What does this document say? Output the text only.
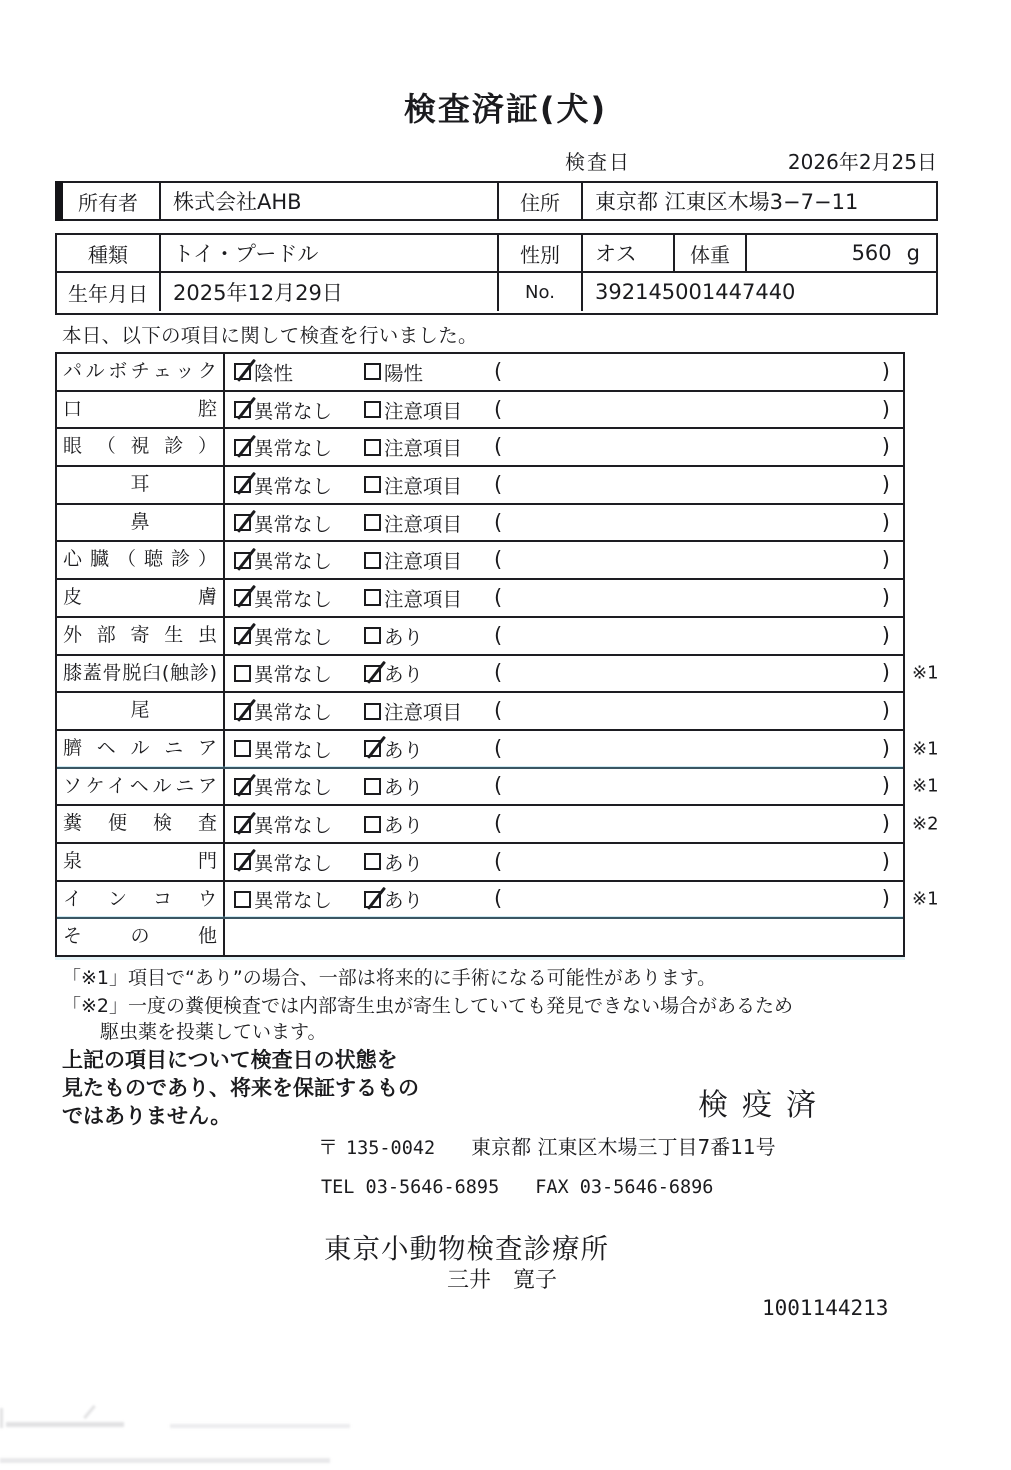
検査済証(犬)
検査日	2026年2月25日
所有者	株式会社AHB	住所	東京都 江東区木場3−7−11
種類	トイ・プードル	性別	オス	体重	560 g
生年月日	2025年12月29日	No.	392145001447440
本日、以下の項目に関して検査を行いました。
パルボチェック	陰性	陽性	(	)
口腔	異常なし	注意項目 (	)
眼（視診）	異常なし	注意項目 (	)
耳	異常なし	注意項目 (	)
鼻	異常なし	注意項目 (	)
心臓（聴診）	異常なし	注意項目 (	)
皮膚	異常なし	注意項目 (	)
外部寄生虫	異常なし	あり	(	)
膝蓋骨脱臼(触診)	異常なし	あり	(	) ※1
尾	異常なし	注意項目 (	)
臍ヘルニア	異常なし	あり	(	) ※1
ソケイヘルニア	異常なし	あり	(	) ※1
糞便検査	異常なし	あり	(	) ※2
泉門	異常なし	あり	(	)
インコウ	異常なし	あり	(	) ※1
その他
「※1」項目で“あり”の場合、一部は将来的に手術になる可能性があります。
「※2」一度の糞便検査では内部寄生虫が寄生していても発見できない場合があるため
駆虫薬を投薬しています。
上記の項目について検査日の状態を
見たものであり、将来を保証するもの
ではありません。	検疫済
〒 135-0042 東京都 江東区木場三丁目7番11号
TEL 03-5646-6895 FAX 03-5646-6896
東京小動物検査診療所
三井　寛子
1001144213
